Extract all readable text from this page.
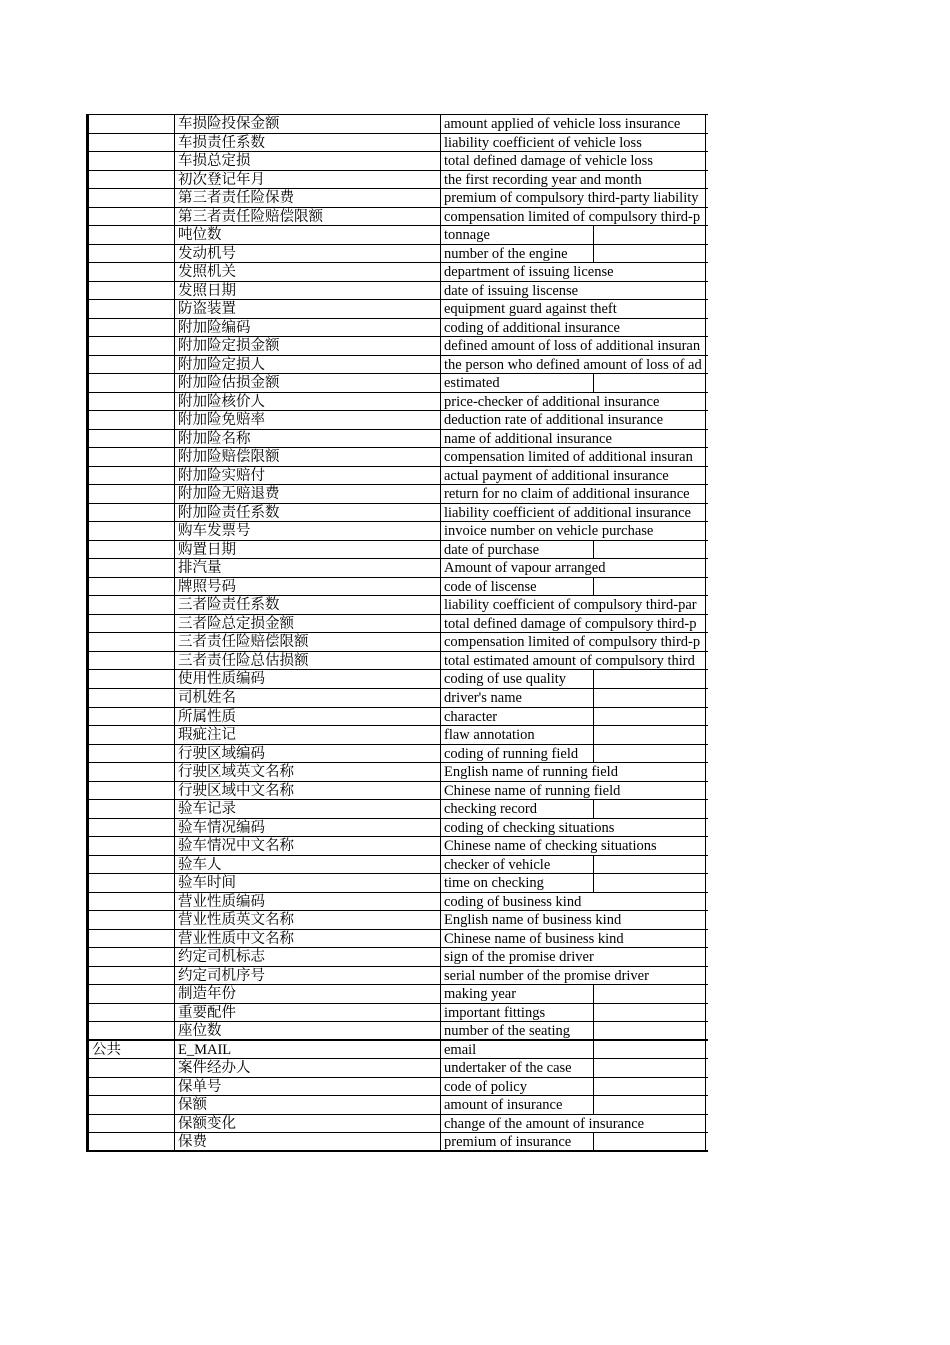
车损险投保金额	amount applied of vehicle loss insurance
车损责任系数	liability coefficient of vehicle loss
车损总定损	total defined damage of vehicle loss
初次登记年月	the first recording year and month
第三者责任险保费	premium of compulsory third-party liability
第三者责任险赔偿限额	compensation limited of compulsory third-p
吨位数	tonnage
发动机号	number of the engine
发照机关	department of issuing license
发照日期	date of issuing liscense
防盗装置	equipment guard against theft
附加险编码	coding of additional insurance
附加险定损金额	defined amount of loss of additional insuran
附加险定损人	the person who defined amount of loss of ad
附加险估损金额	estimated
附加险核价人	price-checker of additional insurance
附加险免赔率	deduction rate of additional insurance
附加险名称	name of additional insurance
附加险赔偿限额	compensation limited of additional insuran
附加险实赔付	actual payment of additional insurance
附加险无赔退费	return for no claim of additional insurance
附加险责任系数	liability coefficient of additional insurance
购车发票号	invoice number on vehicle purchase
购置日期	date of purchase
排汽量	Amount of vapour arranged
牌照号码	code of liscense
三者险责任系数	liability coefficient of compulsory third-par
三者险总定损金额	total defined damage of compulsory third-p
三者责任险赔偿限额	compensation limited of compulsory third-p
三者责任险总估损额	total estimated amount of compulsory third
使用性质编码	coding of use quality
司机姓名	driver's name
所属性质	character
瑕疵注记	flaw annotation
行驶区域编码	coding of running field
行驶区域英文名称	English name of running field
行驶区域中文名称	Chinese name of running field
验车记录	checking record
验车情况编码	coding of checking situations
验车情况中文名称	Chinese name of checking situations
验车人	checker of vehicle
验车时间	time on checking
营业性质编码	coding of business kind
营业性质英文名称	English name of business kind
营业性质中文名称	Chinese name of business kind
约定司机标志	sign of the promise driver
约定司机序号	serial number of the promise driver
制造年份	making year
重要配件	important fittings
座位数	number of the seating
公共	E_MAIL	email
案件经办人	undertaker of the case
保单号	code of policy
保额	amount of insurance
保额变化	change of the amount of insurance
保费	premium of insurance
